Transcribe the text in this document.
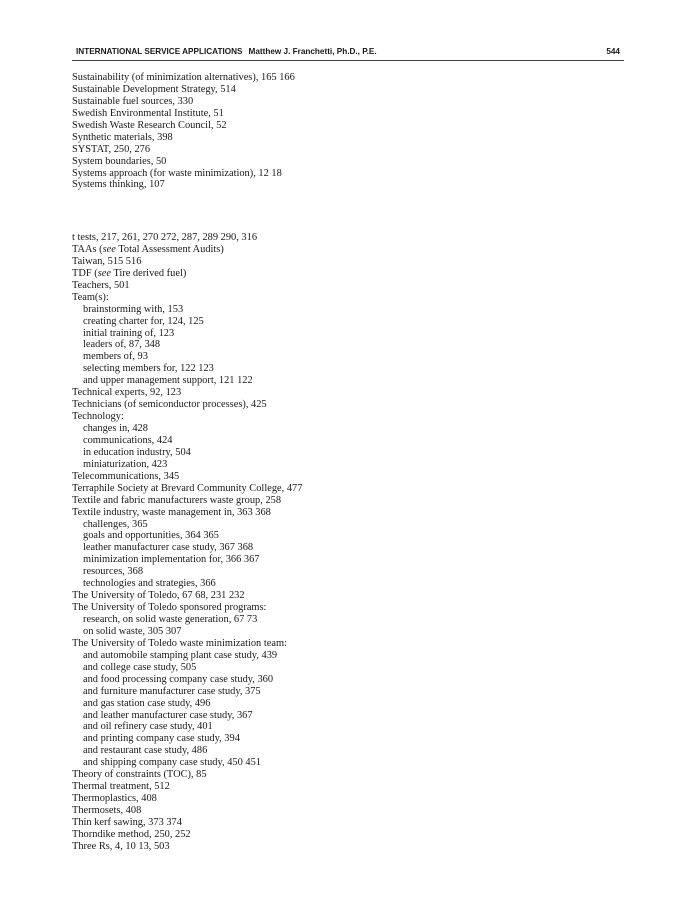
INTERNATIONAL SERVICE APPLICATIONS Matthew J. Franchetti, Ph.D., P.E.	544
Sustainability (of minimization alternatives), 165 166
Sustainable Development Strategy, 514
Sustainable fuel sources, 330
Swedish Environmental Institute, 51
Swedish Waste Research Council, 52
Synthetic materials, 398
SYSTAT, 250, 276
System boundaries, 50
Systems approach (for waste minimization), 12 18
Systems thinking, 107
t tests, 217, 261, 270 272, 287, 289 290, 316
TAAs (see Total Assessment Audits)
Taiwan, 515 516
TDF (see Tire derived fuel)
Teachers, 501
Team(s):
brainstorming with, 153
creating charter for, 124, 125
initial training of, 123
leaders of, 87, 348
members of, 93
selecting members for, 122 123
and upper management support, 121 122
Technical experts, 92, 123
Technicians (of semiconductor processes), 425
Technology:
changes in, 428
communications, 424
in education industry, 504
miniaturization, 423
Telecommunications, 345
Terraphile Society at Brevard Community College, 477
Textile and fabric manufacturers waste group, 258
Textile industry, waste management in, 363 368
challenges, 365
goals and opportunities, 364 365
leather manufacturer case study, 367 368
minimization implementation for, 366 367
resources, 368
technologies and strategies, 366
The University of Toledo, 67 68, 231 232
The University of Toledo sponsored programs:
research, on solid waste generation, 67 73
on solid waste, 305 307
The University of Toledo waste minimization team:
and automobile stamping plant case study, 439
and college case study, 505
and food processing company case study, 360
and furniture manufacturer case study, 375
and gas station case study, 496
and leather manufacturer case study, 367
and oil refinery case study, 401
and printing company case study, 394
and restaurant case study, 486
and shipping company case study, 450 451
Theory of constraints (TOC), 85
Thermal treatment, 512
Thermoplastics, 408
Thermosets, 408
Thin kerf sawing, 373 374
Thorndike method, 250, 252
Three Rs, 4, 10 13, 503
